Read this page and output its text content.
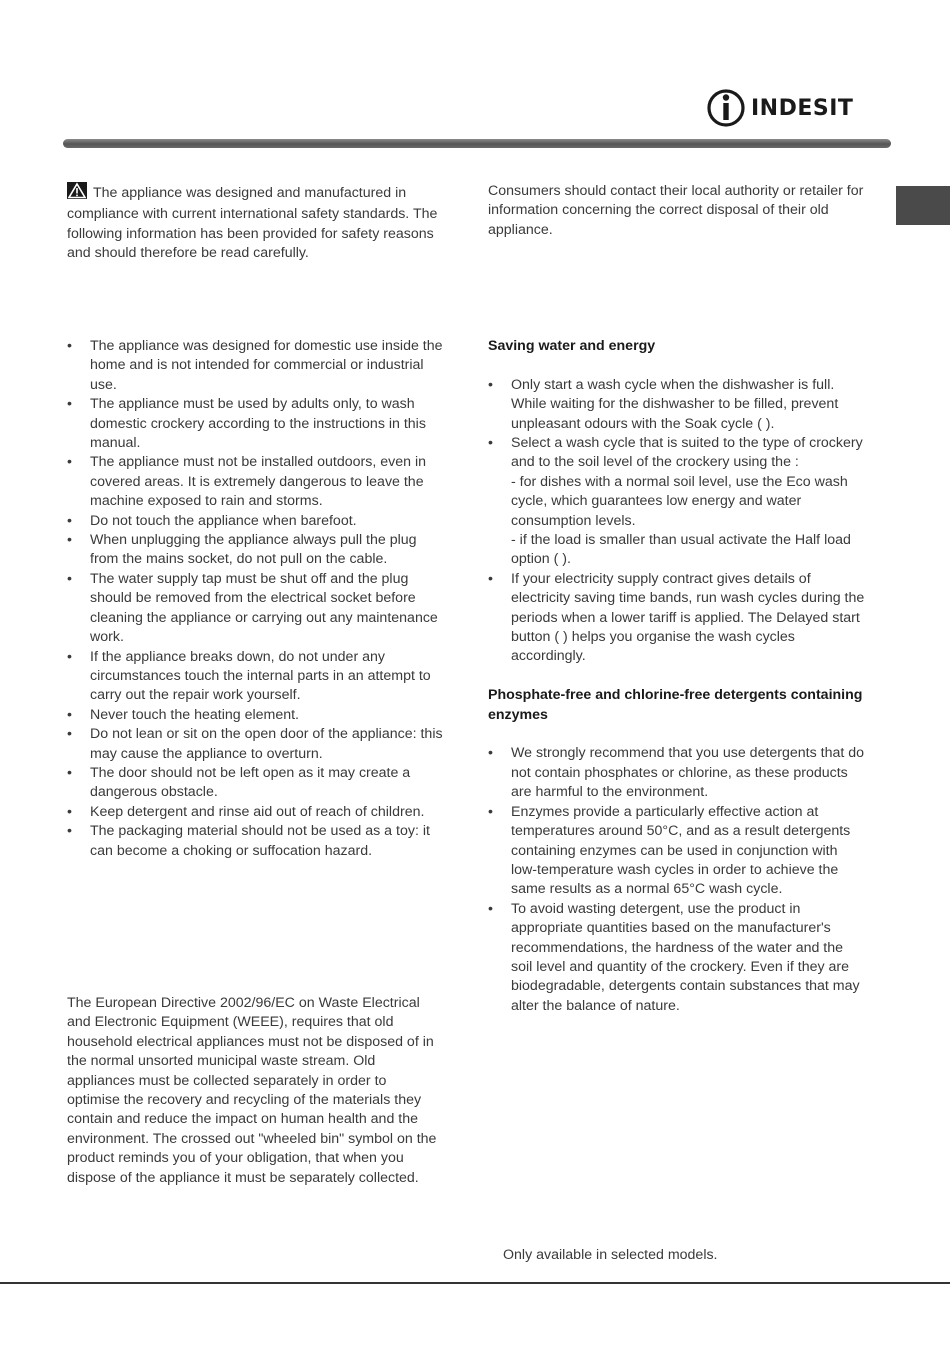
INDESIT

The appliance was designed and manufactured in compliance with current international safety standards. The following information has been provided for safety reasons and should therefore be read carefully.

• The appliance was designed for domestic use inside the home and is not intended for commercial or industrial use.
• The appliance must be used by adults only, to wash domestic crockery according to the instructions in this manual.
• The appliance must not be installed outdoors, even in covered areas. It is extremely dangerous to leave the machine exposed to rain and storms.
• Do not touch the appliance when barefoot.
• When unplugging the appliance always pull the plug from the mains socket, do not pull on the cable.
• The water supply tap must be shut off and the plug should be removed from the electrical socket before cleaning the appliance or carrying out any maintenance work.
• If the appliance breaks down, do not under any circumstances touch the internal parts in an attempt to carry out the repair work yourself.
• Never touch the heating element.
• Do not lean or sit on the open door of the appliance: this may cause the appliance to overturn.
• The door should not be left open as it may create a dangerous obstacle.
• Keep detergent and rinse aid out of reach of children.
• The packaging material should not be used as a toy: it can become a choking or suffocation hazard.

The European Directive 2002/96/EC on Waste Electrical and Electronic Equipment (WEEE), requires that old household electrical appliances must not be disposed of in the normal unsorted municipal waste stream. Old appliances must be collected separately in order to optimise the recovery and recycling of the materials they contain and reduce the impact on human health and the environment. The crossed out "wheeled bin" symbol on the product reminds you of your obligation, that when you dispose of the appliance it must be separately collected.

Consumers should contact their local authority or retailer for information concerning the correct disposal of their old appliance.

Saving water and energy

• Only start a wash cycle when the dishwasher is full. While waiting for the dishwasher to be filled, prevent unpleasant odours with the Soak cycle ( ).
• Select a wash cycle that is suited to the type of crockery and to the soil level of the crockery using the :
- for dishes with a normal soil level, use the Eco wash cycle, which guarantees low energy and water consumption levels.
- if the load is smaller than usual activate the Half load option ( ).
• If your electricity supply contract gives details of electricity saving time bands, run wash cycles during the periods when a lower tariff is applied. The Delayed start button ( ) helps you organise the wash cycles accordingly.

Phosphate-free and chlorine-free detergents containing enzymes

• We strongly recommend that you use detergents that do not contain phosphates or chlorine, as these products are harmful to the environment.
• Enzymes provide a particularly effective action at temperatures around 50°C, and as a result detergents containing enzymes can be used in conjunction with low-temperature wash cycles in order to achieve the same results as a normal 65°C wash cycle.
• To avoid wasting detergent, use the product in appropriate quantities based on the manufacturer's recommendations, the hardness of the water and the soil level and quantity of the crockery. Even if they are biodegradable, detergents contain substances that may alter the balance of nature.

Only available in selected models.
